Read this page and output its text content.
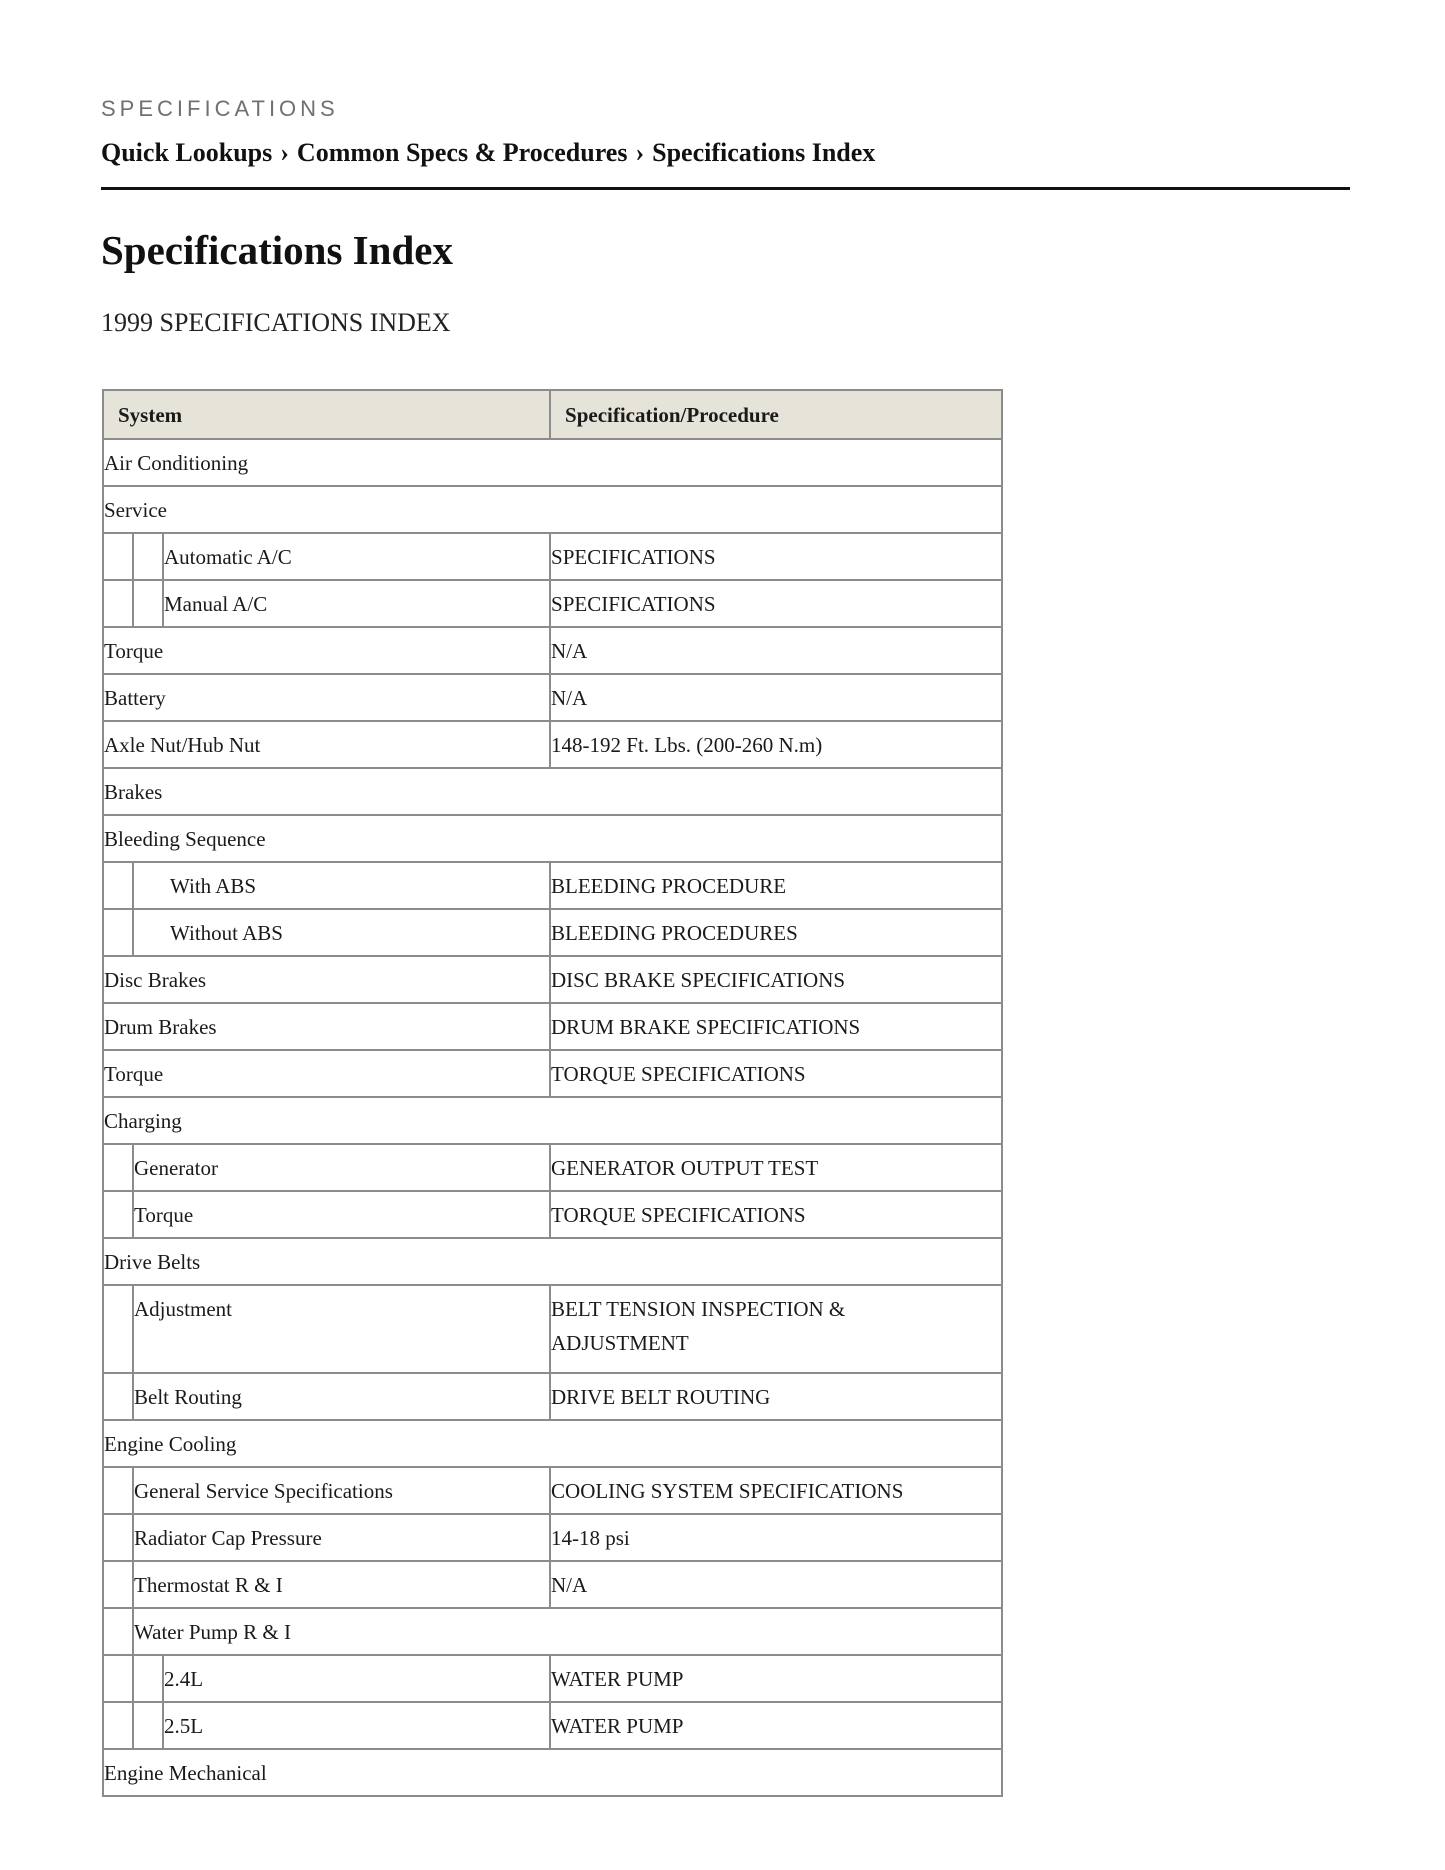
SPECIFICATIONS
Quick Lookups › Common Specs & Procedures › Specifications Index
Specifications Index

1999 SPECIFICATIONS INDEX

System			Specification/Procedure
Air Conditioning			
Service			
		Automatic A/C	SPECIFICATIONS
		Manual A/C	SPECIFICATIONS
Torque			N/A
Battery			N/A
Axle Nut/Hub Nut			148-192 Ft. Lbs. (200-260 N.m)
Brakes			
Bleeding Sequence			
	With ABS		BLEEDING PROCEDURE
	Without ABS		BLEEDING PROCEDURES
Disc Brakes			DISC BRAKE SPECIFICATIONS
Drum Brakes			DRUM BRAKE SPECIFICATIONS
Torque			TORQUE SPECIFICATIONS
Charging			
	Generator		GENERATOR OUTPUT TEST
	Torque		TORQUE SPECIFICATIONS
Drive Belts			
	Adjustment		BELT TENSION INSPECTION & ADJUSTMENT
	Belt Routing		DRIVE BELT ROUTING
Engine Cooling			
	General Service Specifications		COOLING SYSTEM SPECIFICATIONS
	Radiator Cap Pressure		14-18 psi
	Thermostat R & I		N/A
	Water Pump R & I		
		2.4L	WATER PUMP
		2.5L	WATER PUMP
Engine Mechanical			
